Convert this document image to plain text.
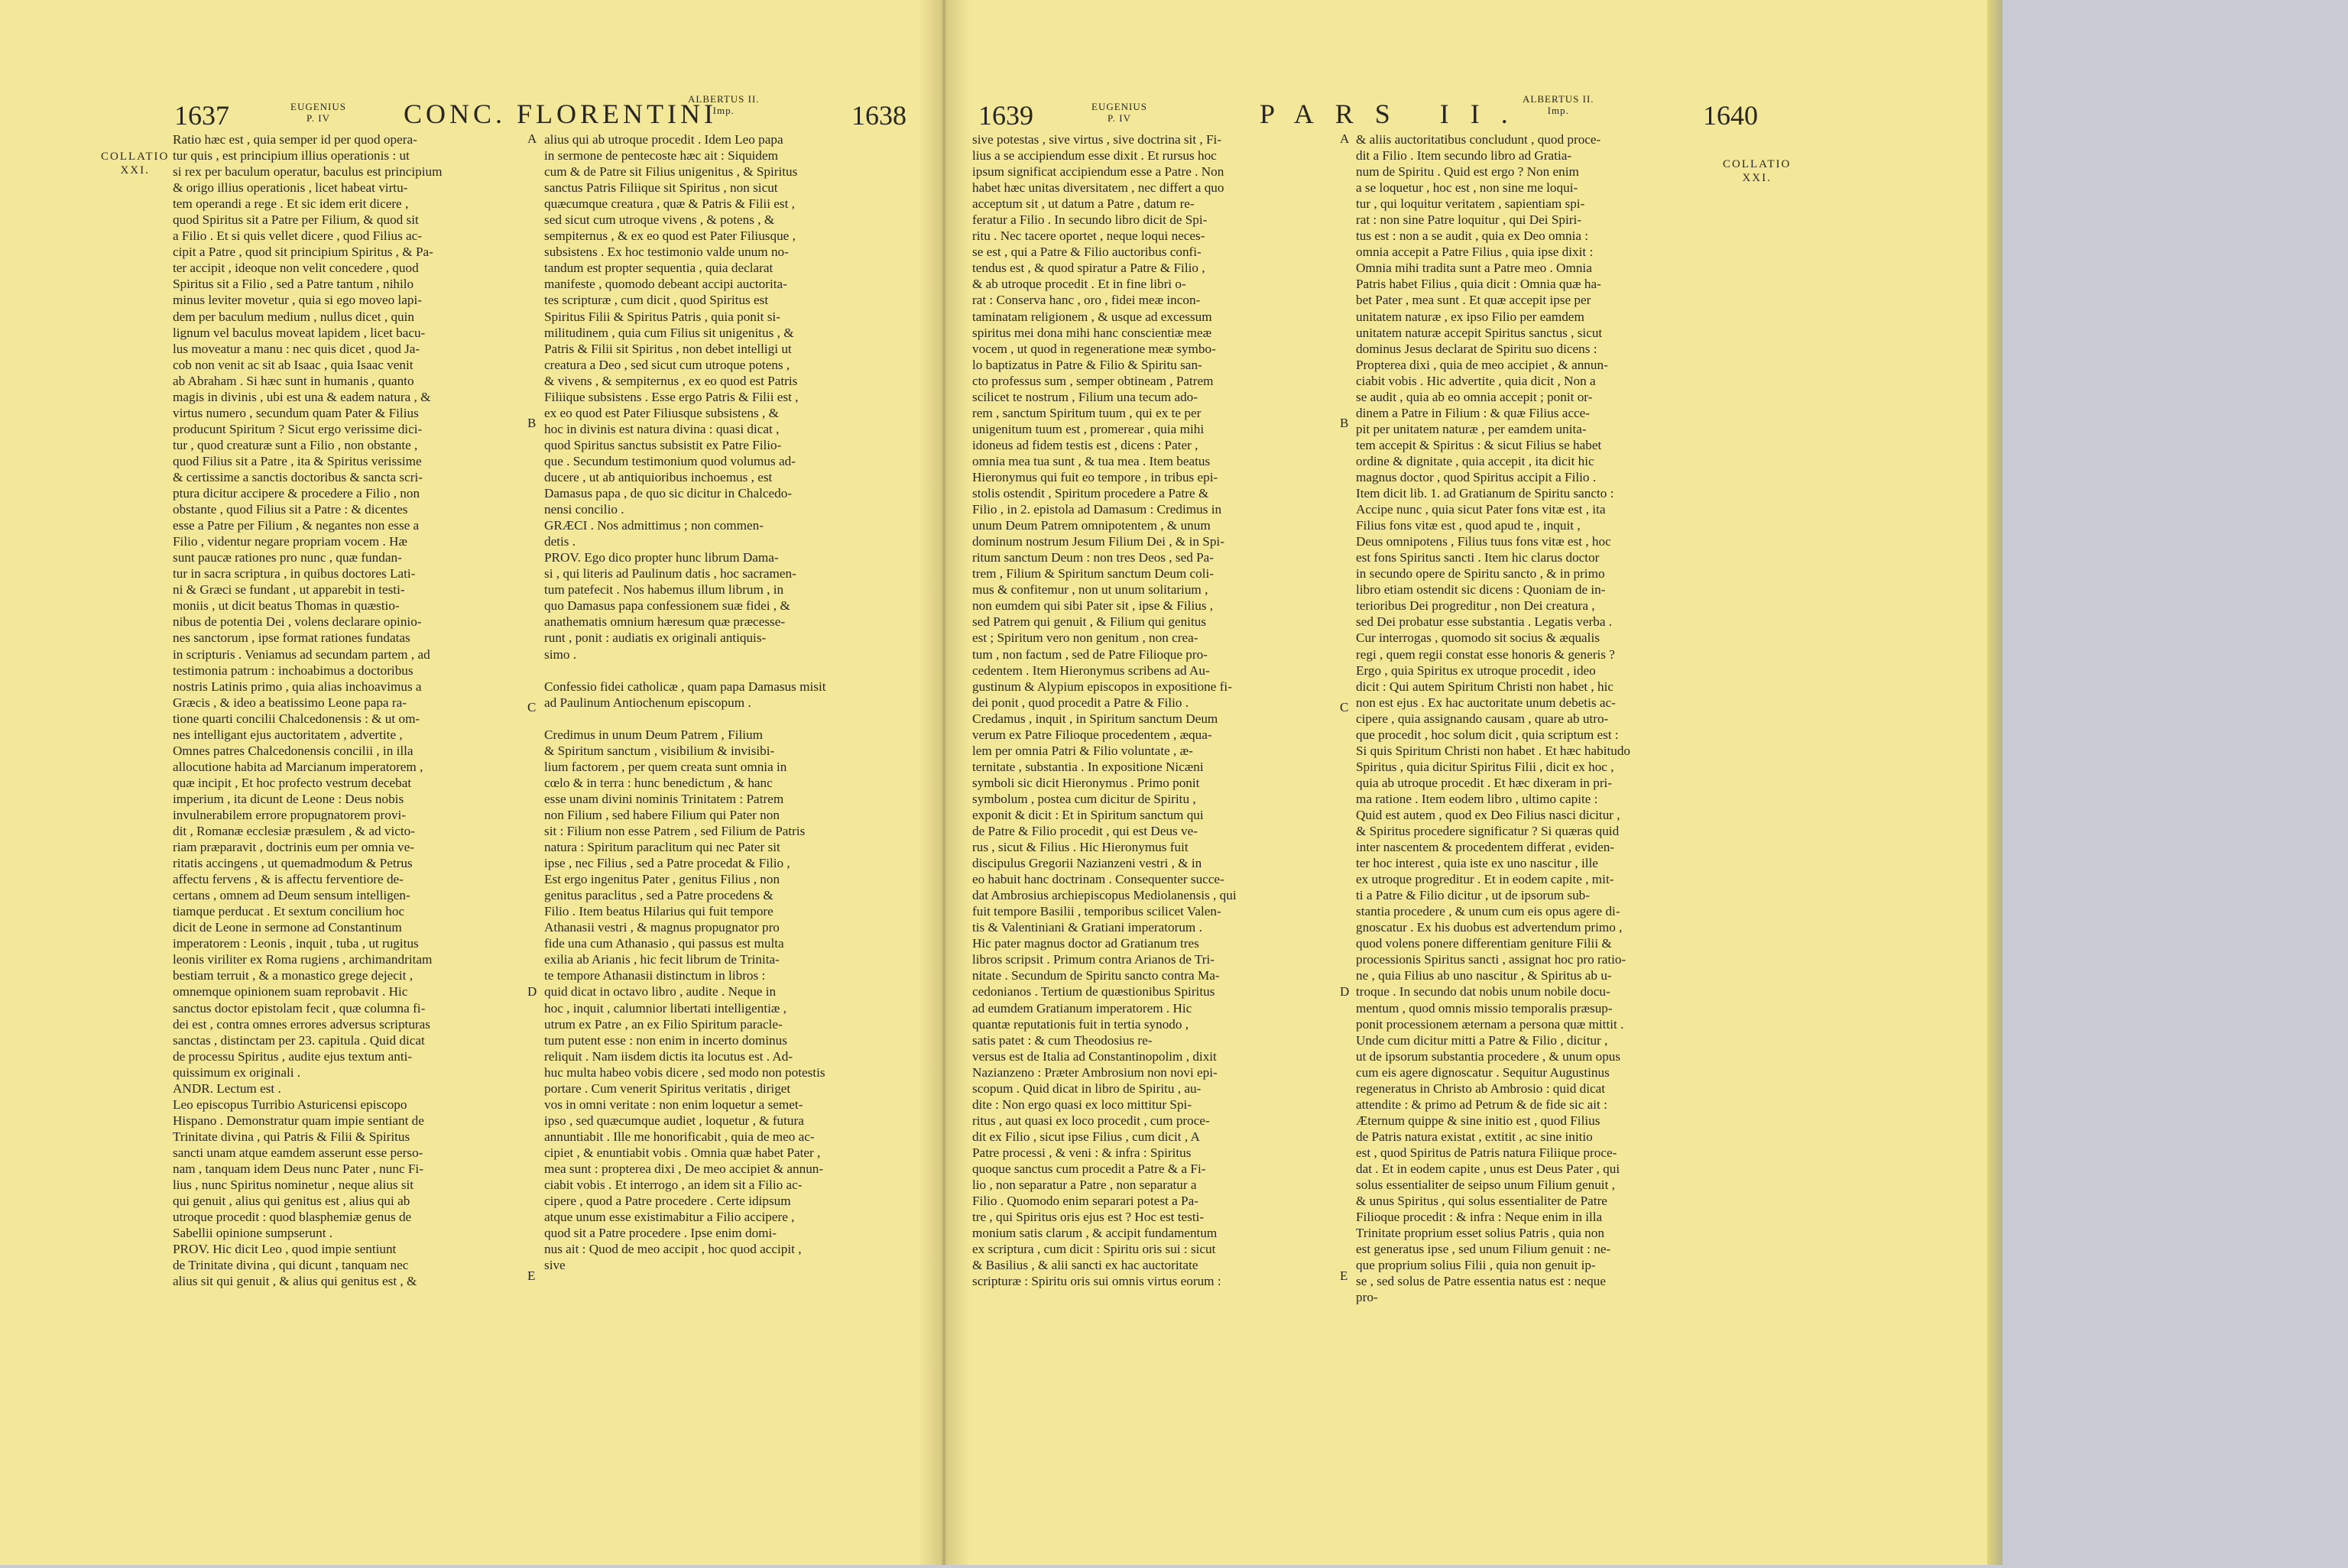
1637	EUGENIUS
P. IV	CONC. FLORENTINI
ALBERTUS II.
Imp.	1638
COLLATIO
XXI.

Ratio hæc est , quia semper id per quod opera-

tur quis , est principium illius operationis : ut

si rex per baculum operatur, baculus est principium

& origo illius operationis , licet habeat virtu-

tem operandi a rege . Et sic idem erit dicere ,

quod Spiritus sit a Patre per Filium, & quod sit

a Filio . Et si quis vellet dicere , quod Filius ac-

cipit a Patre , quod sit principium Spiritus , & Pa-

ter accipit , ideoque non velit concedere , quod

Spiritus sit a Filio , sed a Patre tantum , nihilo

minus leviter movetur , quia si ego moveo lapi-

dem per baculum medium , nullus dicet , quin

lignum vel baculus moveat lapidem , licet bacu-

lus moveatur a manu : nec quis dicet , quod Ja-

cob non venit ac sit ab Isaac , quia Isaac venit

ab Abraham . Si hæc sunt in humanis , quanto

magis in divinis , ubi est una & eadem natura , &

virtus numero , secundum quam Pater & Filius

producunt Spiritum ? Sicut ergo verissime dici-

tur , quod creaturæ sunt a Filio , non obstante ,

quod Filius sit a Patre , ita & Spiritus verissime

& certissime a sanctis doctoribus & sancta scri-

ptura dicitur accipere & procedere a Filio , non

obstante , quod Filius sit a Patre : & dicentes

esse a Patre per Filium , & negantes non esse a

Filio , videntur negare propriam vocem . Hæ

sunt paucæ rationes pro nunc , quæ fundan-

tur in sacra scriptura , in quibus doctores Lati-

ni & Græci se fundant , ut apparebit in testi-

moniis , ut dicit beatus Thomas in quæstio-

nibus de potentia Dei , volens declarare opinio-

nes sanctorum , ipse format rationes fundatas

in scripturis . Veniamus ad secundam partem , ad

testimonia patrum : inchoabimus a doctoribus

nostris Latinis primo , quia alias inchoavimus a

Græcis , & ideo a beatissimo Leone papa ra-

tione quarti concilii Chalcedonensis : & ut om-

nes intelligant ejus auctoritatem , advertite ,

Omnes patres Chalcedonensis concilii , in illa

allocutione habita ad Marcianum imperatorem ,

quæ incipit , Et hoc profecto vestrum decebat

imperium , ita dicunt de Leone : Deus nobis

invulnerabilem errore propugnatorem provi-

dit , Romanæ ecclesiæ præsulem , & ad victo-

riam præparavit , doctrinis eum per omnia ve-

ritatis accingens , ut quemadmodum & Petrus

affectu fervens , & is affectu ferventiore de-

certans , omnem ad Deum sensum intelligen-

tiamque perducat . Et sextum concilium hoc

dicit de Leone in sermone ad Constantinum

imperatorem : Leonis , inquit , tuba , ut rugitus

leonis viriliter ex Roma rugiens , archimandritam

bestiam terruit , & a monastico grege dejecit ,

omnemque opinionem suam reprobavit . Hic

sanctus doctor epistolam fecit , quæ columna fi-

dei est , contra omnes errores adversus scripturas

sanctas , distinctam per 23. capitula . Quid dicat

de processu Spiritus , audite ejus textum anti-

quissimum ex originali .

ANDR. Lectum est .

Leo episcopus Turribio Asturicensi episcopo

Hispano . Demonstratur quam impie sentiant de

Trinitate divina , qui Patris & Filii & Spiritus

sancti unam atque eamdem asserunt esse perso-

nam , tanquam idem Deus nunc Pater , nunc Fi-

lius , nunc Spiritus nominetur , neque alius sit

qui genuit , alius qui genitus est , alius qui ab

utroque procedit : quod blasphemiæ genus de

Sabellii opinione sumpserunt .

PROV. Hic dicit Leo , quod impie sentiunt

de Trinitate divina , qui dicunt , tanquam nec

alius sit qui genuit , & alius qui genitus est , &

A
B
C
D
E

alius qui ab utroque procedit . Idem Leo papa

in sermone de pentecoste hæc ait : Siquidem

cum & de Patre sit Filius unigenitus , & Spiritus

sanctus Patris Filiique sit Spiritus , non sicut

quæcumque creatura , quæ & Patris & Filii est ,

sed sicut cum utroque vivens , & potens , &

sempiternus , & ex eo quod est Pater Filiusque ,

subsistens . Ex hoc testimonio valde unum no-

tandum est propter sequentia , quia declarat

manifeste , quomodo debeant accipi auctorita-

tes scripturæ , cum dicit , quod Spiritus est

Spiritus Filii & Spiritus Patris , quia ponit si-

militudinem , quia cum Filius sit unigenitus , &

Patris & Filii sit Spiritus , non debet intelligi ut

creatura a Deo , sed sicut cum utroque potens ,

& vivens , & sempiternus , ex eo quod est Patris

Filiique subsistens . Esse ergo Patris & Filii est ,

ex eo quod est Pater Filiusque subsistens , &

hoc in divinis est natura divina : quasi dicat ,

quod Spiritus sanctus subsistit ex Patre Filio-

que . Secundum testimonium quod volumus ad-

ducere , ut ab antiquioribus inchoemus , est

Damasus papa , de quo sic dicitur in Chalcedo-

nensi concilio .

GRÆCI . Nos admittimus ; non commen-

detis .

PROV. Ego dico propter hunc librum Dama-

si , qui literis ad Paulinum datis , hoc sacramen-

tum patefecit . Nos habemus illum librum , in

quo Damasus papa confessionem suæ fidei , &

anathematis omnium hæresum quæ præcesse-

runt , ponit : audiatis ex originali antiquis-

simo .

Confessio fidei catholicæ , quam papa Damasus misit

ad Paulinum Antiochenum episcopum .

Credimus in unum Deum Patrem , Filium

& Spiritum sanctum , visibilium & invisibi-

lium factorem , per quem creata sunt omnia in

cœlo & in terra : hunc benedictum , & hanc

esse unam divini nominis Trinitatem : Patrem

non Filium , sed habere Filium qui Pater non

sit : Filium non esse Patrem , sed Filium de Patris

natura : Spiritum paraclitum qui nec Pater sit

ipse , nec Filius , sed a Patre procedat & Filio ,

Est ergo ingenitus Pater , genitus Filius , non

genitus paraclitus , sed a Patre procedens &

Filio . Item beatus Hilarius qui fuit tempore

Athanasii vestri , & magnus propugnator pro

fide una cum Athanasio , qui passus est multa

exilia ab Arianis , hic fecit librum de Trinita-

te tempore Athanasii distinctum in libros :

quid dicat in octavo libro , audite . Neque in

hoc , inquit , calumnior libertati intelligentiæ ,

utrum ex Patre , an ex Filio Spiritum paracle-

tum putent esse : non enim in incerto dominus

reliquit . Nam iisdem dictis ita locutus est . Ad-

huc multa habeo vobis dicere , sed modo non potestis

portare . Cum venerit Spiritus veritatis , diriget

vos in omni veritate : non enim loquetur a semet-

ipso , sed quæcumque audiet , loquetur , & futura

annuntiabit . Ille me honorificabit , quia de meo ac-

cipiet , & enuntiabit vobis . Omnia quæ habet Pater ,

mea sunt : propterea dixi , De meo accipiet & annun-

ciabit vobis . Et interrogo , an idem sit a Filio ac-

cipere , quod a Patre procedere . Certe idipsum

atque unum esse existimabitur a Filio accipere ,

quod sit a Patre procedere . Ipse enim domi-

nus ait : Quod de meo accipit , hoc quod accipit ,

sive

1639	EUGENIUS
P. IV	PARS II.
ALBERTUS II.
Imp.	1640
COLLATIO
XXI.

sive potestas , sive virtus , sive doctrina sit , Fi-

lius a se accipiendum esse dixit . Et rursus hoc

ipsum significat accipiendum esse a Patre . Non

habet hæc unitas diversitatem , nec differt a quo

acceptum sit , ut datum a Patre , datum re-

feratur a Filio . In secundo libro dicit de Spi-

ritu . Nec tacere oportet , neque loqui neces-

se est , qui a Patre & Filio auctoribus confi-

tendus est , & quod spiratur a Patre & Filio ,

& ab utroque procedit . Et in fine libri o-

rat : Conserva hanc , oro , fidei meæ incon-

taminatam religionem , & usque ad excessum

spiritus mei dona mihi hanc conscientiæ meæ

vocem , ut quod in regeneratione meæ symbo-

lo baptizatus in Patre & Filio & Spiritu san-

cto professus sum , semper obtineam , Patrem

scilicet te nostrum , Filium una tecum ado-

rem , sanctum Spiritum tuum , qui ex te per

unigenitum tuum est , promerear , quia mihi

idoneus ad fidem testis est , dicens : Pater ,

omnia mea tua sunt , & tua mea . Item beatus

Hieronymus qui fuit eo tempore , in tribus epi-

stolis ostendit , Spiritum procedere a Patre &

Filio , in 2. epistola ad Damasum : Credimus in

unum Deum Patrem omnipotentem , & unum

dominum nostrum Jesum Filium Dei , & in Spi-

ritum sanctum Deum : non tres Deos , sed Pa-

trem , Filium & Spiritum sanctum Deum coli-

mus & confitemur , non ut unum solitarium ,

non eumdem qui sibi Pater sit , ipse & Filius ,

sed Patrem qui genuit , & Filium qui genitus

est ; Spiritum vero non genitum , non crea-

tum , non factum , sed de Patre Filioque pro-

cedentem . Item Hieronymus scribens ad Au-

gustinum & Alypium episcopos in expositione fi-

dei ponit , quod procedit a Patre & Filio .

Credamus , inquit , in Spiritum sanctum Deum

verum ex Patre Filioque procedentem , æqua-

lem per omnia Patri & Filio voluntate , æ-

ternitate , substantia . In expositione Nicæni

symboli sic dicit Hieronymus . Primo ponit

symbolum , postea cum dicitur de Spiritu ,

exponit & dicit : Et in Spiritum sanctum qui

de Patre & Filio procedit , qui est Deus ve-

rus , sicut & Filius . Hic Hieronymus fuit

discipulus Gregorii Nazianzeni vestri , & in

eo habuit hanc doctrinam . Consequenter succe-

dat Ambrosius archiepiscopus Mediolanensis , qui

fuit tempore Basilii , temporibus scilicet Valen-

tis & Valentiniani & Gratiani imperatorum .

Hic pater magnus doctor ad Gratianum tres

libros scripsit . Primum contra Arianos de Tri-

nitate . Secundum de Spiritu sancto contra Ma-

cedonianos . Tertium de quæstionibus Spiritus

ad eumdem Gratianum imperatorem . Hic

quantæ reputationis fuit in tertia synodo ,

satis patet : & cum Theodosius re-

versus est de Italia ad Constantinopolim , dixit

Nazianzeno : Præter Ambrosium non novi epi-

scopum . Quid dicat in libro de Spiritu , au-

dite : Non ergo quasi ex loco mittitur Spi-

ritus , aut quasi ex loco procedit , cum proce-

dit ex Filio , sicut ipse Filius , cum dicit , A

Patre processi , & veni : & infra : Spiritus

quoque sanctus cum procedit a Patre & a Fi-

lio , non separatur a Patre , non separatur a

Filio . Quomodo enim separari potest a Pa-

tre , qui Spiritus oris ejus est ? Hoc est testi-

monium satis clarum , & accipit fundamentum

ex scriptura , cum dicit : Spiritu oris sui : sicut

& Basilius , & alii sancti ex hac auctoritate

scripturæ : Spiritu oris sui omnis virtus eorum :

A
B
C
D
E

& aliis auctoritatibus concludunt , quod proce-

dit a Filio . Item secundo libro ad Gratia-

num de Spiritu . Quid est ergo ? Non enim

a se loquetur , hoc est , non sine me loqui-

tur , qui loquitur veritatem , sapientiam spi-

rat : non sine Patre loquitur , qui Dei Spiri-

tus est : non a se audit , quia ex Deo omnia :

omnia accepit a Patre Filius , quia ipse dixit :

Omnia mihi tradita sunt a Patre meo . Omnia

Patris habet Filius , quia dicit : Omnia quæ ha-

bet Pater , mea sunt . Et quæ accepit ipse per

unitatem naturæ , ex ipso Filio per eamdem

unitatem naturæ accepit Spiritus sanctus , sicut

dominus Jesus declarat de Spiritu suo dicens :

Propterea dixi , quia de meo accipiet , & annun-

ciabit vobis . Hic advertite , quia dicit , Non a

se audit , quia ab eo omnia accepit ; ponit or-

dinem a Patre in Filium : & quæ Filius acce-

pit per unitatem naturæ , per eamdem unita-

tem accepit & Spiritus : & sicut Filius se habet

ordine & dignitate , quia accepit , ita dicit hic

magnus doctor , quod Spiritus accipit a Filio .

Item dicit lib. 1. ad Gratianum de Spiritu sancto :

Accipe nunc , quia sicut Pater fons vitæ est , ita

Filius fons vitæ est , quod apud te , inquit ,

Deus omnipotens , Filius tuus fons vitæ est , hoc

est fons Spiritus sancti . Item hic clarus doctor

in secundo opere de Spiritu sancto , & in primo

libro etiam ostendit sic dicens : Quoniam de in-

terioribus Dei progreditur , non Dei creatura ,

sed Dei probatur esse substantia . Legatis verba .

Cur interrogas , quomodo sit socius & æqualis

regi , quem regii constat esse honoris & generis ?

Ergo , quia Spiritus ex utroque procedit , ideo

dicit : Qui autem Spiritum Christi non habet , hic

non est ejus . Ex hac auctoritate unum debetis ac-

cipere , quia assignando causam , quare ab utro-

que procedit , hoc solum dicit , quia scriptum est :

Si quis Spiritum Christi non habet . Et hæc habitudo

Spiritus , quia dicitur Spiritus Filii , dicit ex hoc ,

quia ab utroque procedit . Et hæc dixeram in pri-

ma ratione . Item eodem libro , ultimo capite :

Quid est autem , quod ex Deo Filius nasci dicitur ,

& Spiritus procedere significatur ? Si quæras quid

inter nascentem & procedentem differat , eviden-

ter hoc interest , quia iste ex uno nascitur , ille

ex utroque progreditur . Et in eodem capite , mit-

ti a Patre & Filio dicitur , ut de ipsorum sub-

stantia procedere , & unum cum eis opus agere di-

gnoscatur . Ex his duobus est advertendum primo ,

quod volens ponere differentiam geniture Filii &

processionis Spiritus sancti , assignat hoc pro ratio-

ne , quia Filius ab uno nascitur , & Spiritus ab u-

troque . In secundo dat nobis unum nobile docu-

mentum , quod omnis missio temporalis præsup-

ponit processionem æternam a persona quæ mittit .

Unde cum dicitur mitti a Patre & Filio , dicitur ,

ut de ipsorum substantia procedere , & unum opus

cum eis agere dignoscatur . Sequitur Augustinus

regeneratus in Christo ab Ambrosio : quid dicat

attendite : & primo ad Petrum & de fide sic ait :

Æternum quippe & sine initio est , quod Filius

de Patris natura existat , extitit , ac sine initio

est , quod Spiritus de Patris natura Filiique proce-

dat . Et in eodem capite , unus est Deus Pater , qui

solus essentialiter de seipso unum Filium genuit ,

& unus Spiritus , qui solus essentialiter de Patre

Filioque procedit : & infra : Neque enim in illa

Trinitate proprium esset solius Patris , quia non

est generatus ipse , sed unum Filium genuit : ne-

que proprium solius Filii , quia non genuit ip-

se , sed solus de Patre essentia natus est : neque

pro-
